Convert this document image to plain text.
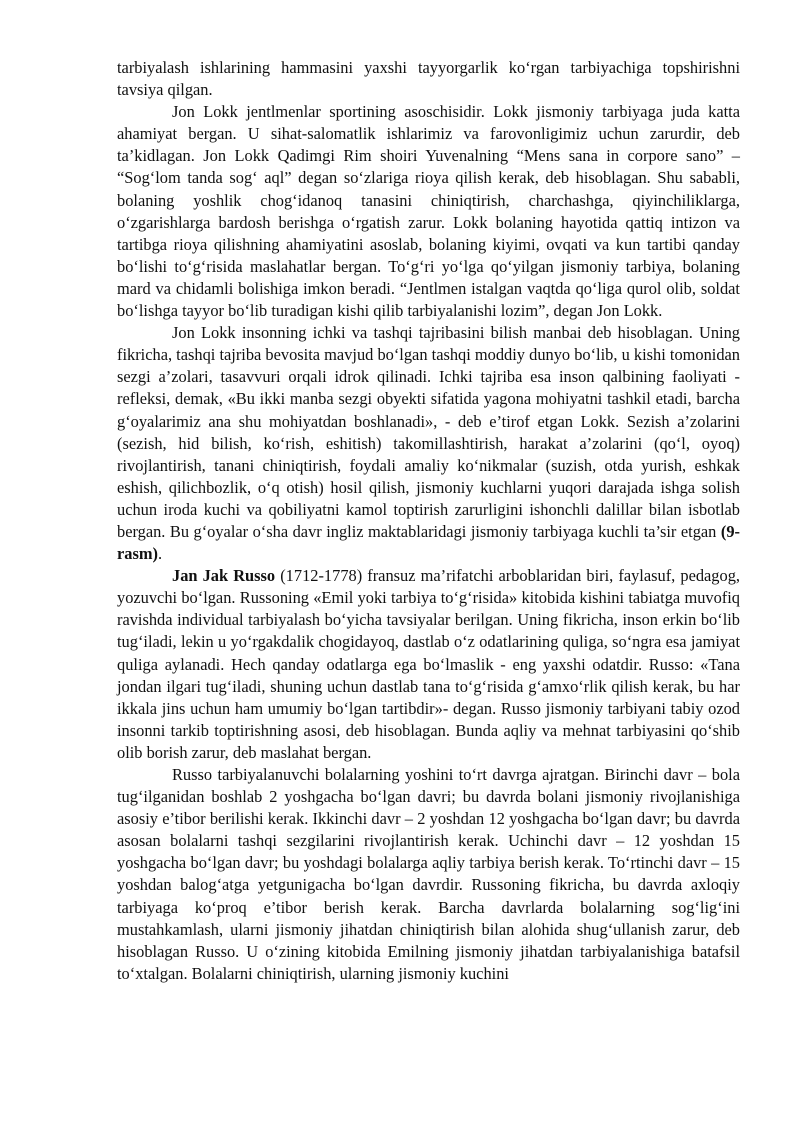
tarbiyalash ishlarining hammasini yaxshi tayyorgarlik ko‘rgan tarbiyachiga topshirishni tavsiya qilgan.

Jon Lokk jentlmenlar sportining asoschisidir. Lokk jismoniy tarbiyaga juda katta ahamiyat bergan. U sihat-salomatlik ishlarimiz va farovonligimiz uchun zarurdir, deb ta’kidlagan. Jon Lokk Qadimgi Rim shoiri Yuvenalning “Mens sana in corpore sano” – “Sog‘lom tanda sog‘ aql” degan so‘zlariga rioya qilish kerak, deb hisoblagan. Shu sababli, bolaning yoshlik chog‘idanoq tanasini chiniqtirish, charchashga, qiyinchiliklarga, o‘zgarishlarga bardosh berishga o‘rgatish zarur. Lokk bolaning hayotida qattiq intizon va tartibga rioya qilishning ahamiyatini asoslab, bolaning kiyimi, ovqati va kun tartibi qanday bo‘lishi to‘g‘risida maslahatlar bergan. To‘g‘ri yo‘lga qo‘yilgan jismoniy tarbiya, bolaning mard va chidamli bolishiga imkon beradi. “Jentlmen istalgan vaqtda qo‘liga qurol olib, soldat bo‘lishga tayyor bo‘lib turadigan kishi qilib tarbiyalanishi lozim”, degan Jon Lokk.

Jon Lokk insonning ichki va tashqi tajribasini bilish manbai deb hisoblagan. Uning fikricha, tashqi tajriba bevosita mavjud bo‘lgan tashqi moddiy dunyo bo‘lib, u kishi tomonidan sezgi a’zolari, tasavvuri orqali idrok qilinadi. Ichki tajriba esa inson qalbining faoliyati - refleksi, demak, «Bu ikki manba sezgi obyekti sifatida yagona mohiyatni tashkil etadi, barcha g‘oyalarimiz ana shu mohiyatdan boshlanadi», - deb e’tirof etgan Lokk. Sezish a’zolarini (sezish, hid bilish, ko‘rish, eshitish) takomillashtirish, harakat a’zolarini (qo‘l, oyoq) rivojlantirish, tanani chiniqtirish, foydali amaliy ko‘nikmalar (suzish, otda yurish, eshkak eshish, qilichbozlik, o‘q otish) hosil qilish, jismoniy kuchlarni yuqori darajada ishga solish uchun iroda kuchi va qobiliyatni kamol toptirish zarurligini ishonchli dalillar bilan isbotlab bergan. Bu g‘oyalar o‘sha davr ingliz maktablaridagi jismoniy tarbiyaga kuchli ta’sir etgan (9-rasm).

Jan Jak Russo (1712-1778) fransuz ma’rifatchi arboblaridan biri, faylasuf, pedagog, yozuvchi bo‘lgan. Russoning «Emil yoki tarbiya to‘g‘risida» kitobida kishini tabiatga muvofiq ravishda individual tarbiyalash bo‘yicha tavsiyalar berilgan. Uning fikricha, inson erkin bo‘lib tug‘iladi, lekin u yo‘rgakdalik chogidayoq, dastlab o‘z odatlarining quliga, so‘ngra esa jamiyat quliga aylanadi. Hech qanday odatlarga ega bo‘lmaslik - eng yaxshi odatdir. Russo: «Tana jondan ilgari tug‘iladi, shuning uchun dastlab tana to‘g‘risida g‘amxo‘rlik qilish kerak, bu har ikkala jins uchun ham umumiy bo‘lgan tartibdir»- degan. Russo jismoniy tarbiyani tabiy ozod insonni tarkib toptirishning asosi, deb hisoblagan. Bunda aqliy va mehnat tarbiyasini qo‘shib olib borish zarur, deb maslahat bergan.

Russo tarbiyalanuvchi bolalarning yoshini to‘rt davrga ajratgan. Birinchi davr – bola tug‘ilganidan boshlab 2 yoshgacha bo‘lgan davri; bu davrda bolani jismoniy rivojlanishiga asosiy e’tibor berilishi kerak. Ikkinchi davr – 2 yoshdan 12 yoshgacha bo‘lgan davr; bu davrda asosan bolalarni tashqi sezgilarini rivojlantirish kerak. Uchinchi davr – 12 yoshdan 15 yoshgacha bo‘lgan davr; bu yoshdagi bolalarga aqliy tarbiya berish kerak. To‘rtinchi davr – 15 yoshdan balog‘atga yetgunigacha bo‘lgan davrdir. Russoning fikricha, bu davrda axloqiy tarbiyaga ko‘proq e’tibor berish kerak. Barcha davrlarda bolalarning sog‘lig‘ini mustahkamlash, ularni jismoniy jihatdan chiniqtirish bilan alohida shug‘ullanish zarur, deb hisoblagan Russo. U o‘zining kitobida Emilning jismoniy jihatdan tarbiyalanishiga batafsil to‘xtalgan. Bolalarni chiniqtirish, ularning jismoniy kuchini
